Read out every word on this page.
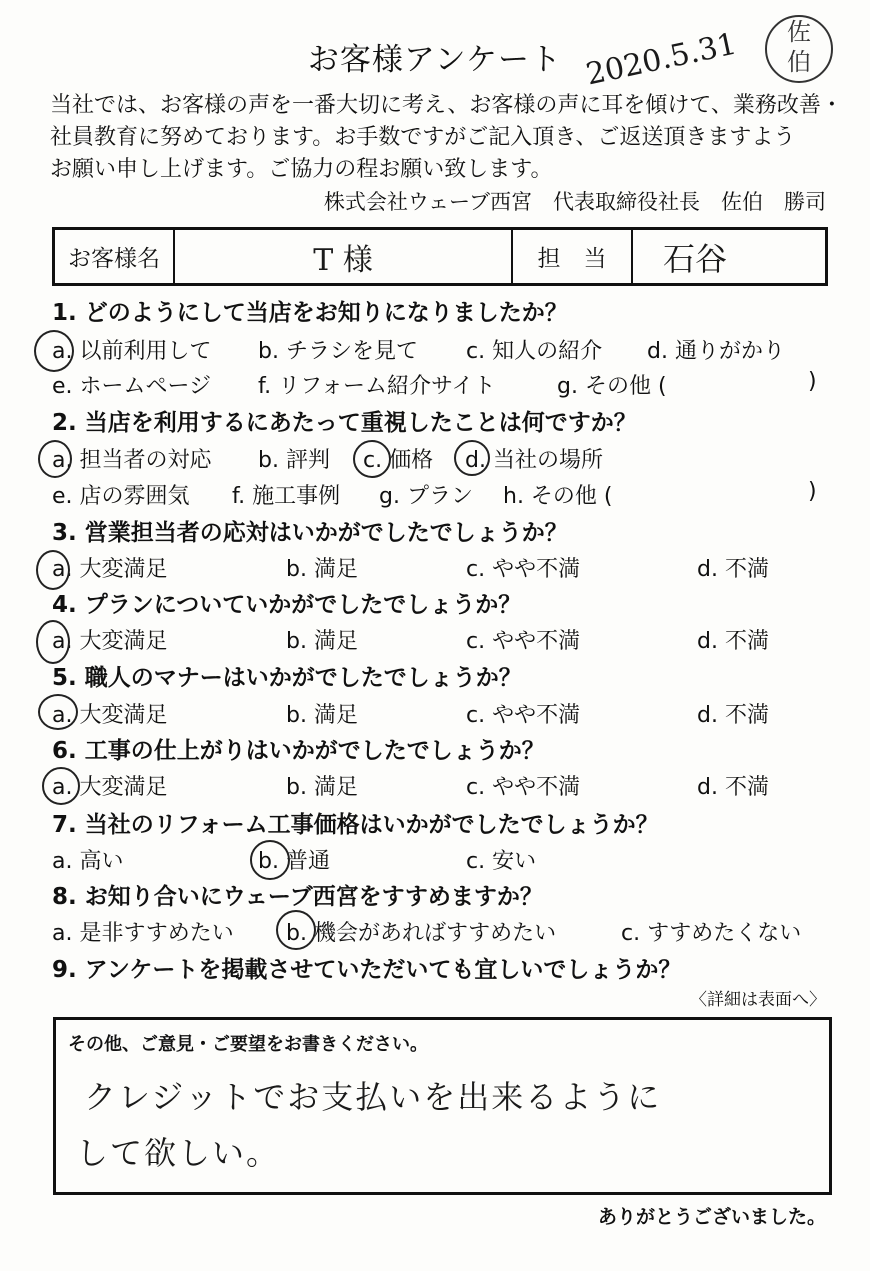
お客様アンケート 2020.5.31	佐
伯
当社では、お客様の声を一番大切に考え、お客様の声に耳を傾けて、業務改善・
社員教育に努めております。お手数ですがご記入頂き、ご返送頂きますよう
お願い申し上げます。ご協力の程お願い致します。
株式会社ウェーブ西宮　代表取締役社長　佐伯　勝司
お客様名	T 様	担　当	石谷
1. どのようにして当店をお知りになりましたか？
a. 以前利用して b. チラシを見て c. 知人の紹介 d. 通りがかり
e. ホームページ f. リフォーム紹介サイト	g. その他 (	)
2. 当店を利用するにあたって重視したことは何ですか？
a. 担当者の対応 b. 評判 c. 価格 d. 当社の場所
e. 店の雰囲気 f. 施工事例 g. プラン h. その他 (	)
3. 営業担当者の応対はいかがでしたでしょうか？
a. 大変満足	b. 満足	c. やや不満	d. 不満
4. プランについていかがでしたでしょうか？
a. 大変満足	b. 満足	c. やや不満	d. 不満
5. 職人のマナーはいかがでしたでしょうか？
a. 大変満足	b. 満足	c. やや不満	d. 不満
6. 工事の仕上がりはいかがでしたでしょうか？
a. 大変満足	b. 満足	c. やや不満	d. 不満
7. 当社のリフォーム工事価格はいかがでしたでしょうか？
a. 高い	b. 普通	c. 安い
8. お知り合いにウェーブ西宮をすすめますか？
a. 是非すすめたい b. 機会があればすすめたい	c. すすめたくない
9. アンケートを掲載させていただいても宜しいでしょうか？
〈詳細は表面へ〉
その他、ご意見・ご要望をお書きください。
クレジットでお支払いを出来るように
して欲しい。
ありがとうございました。
